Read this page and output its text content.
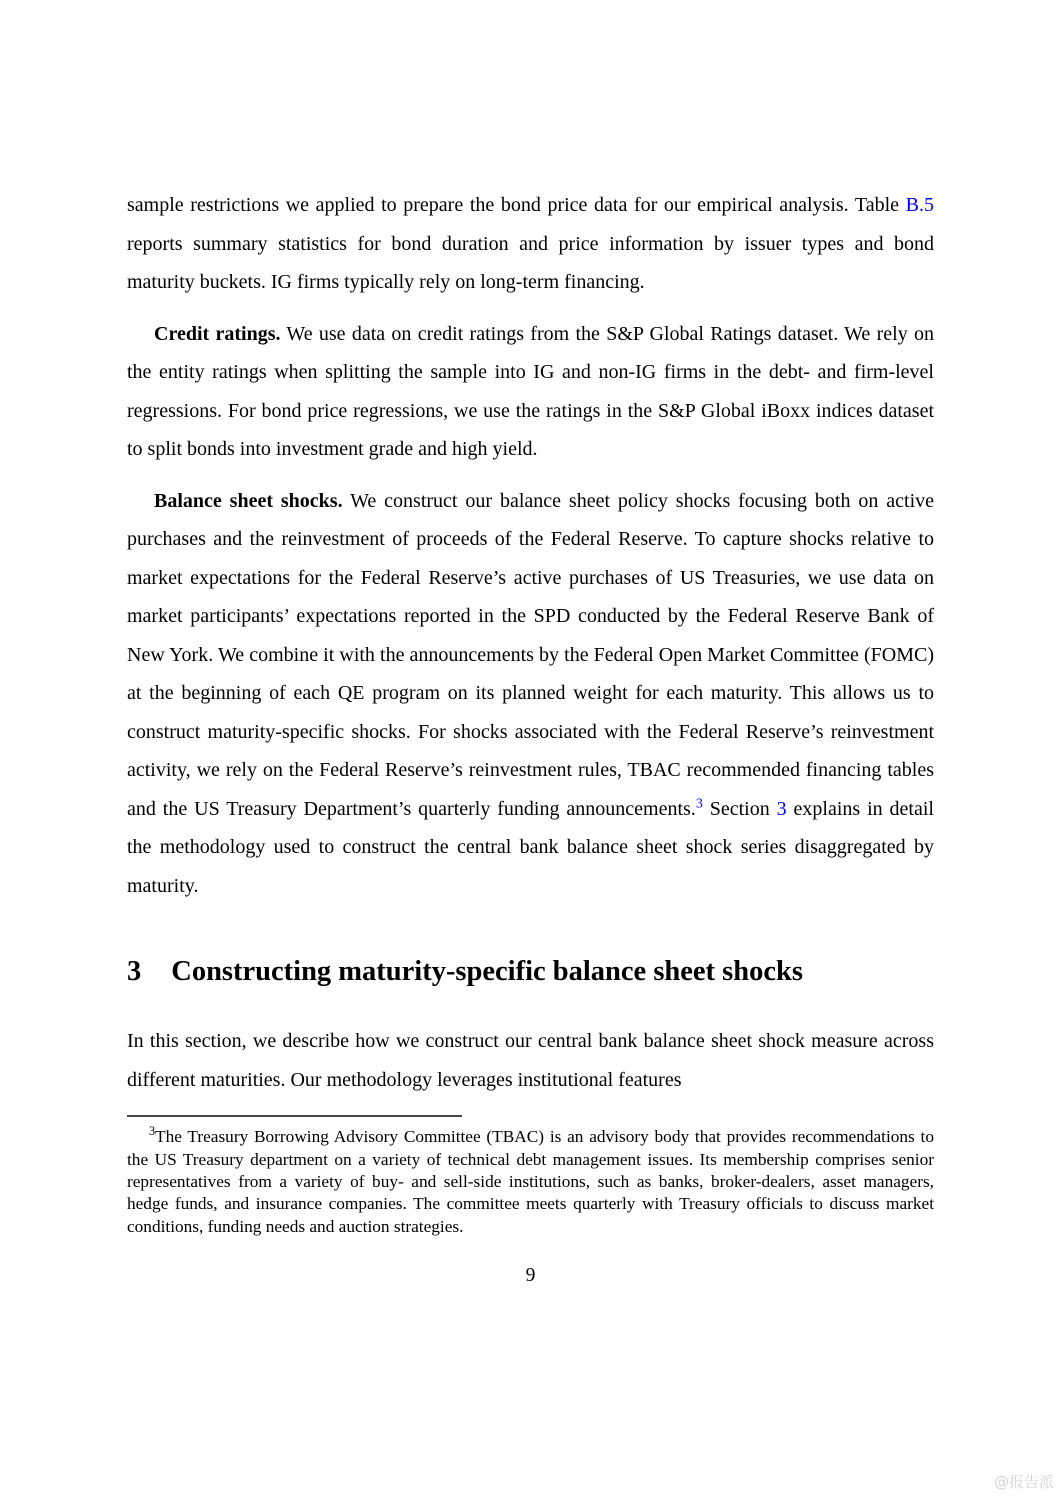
sample restrictions we applied to prepare the bond price data for our empirical analysis. Table B.5 reports summary statistics for bond duration and price information by issuer types and bond maturity buckets. IG firms typically rely on long-term financing.

Credit ratings. We use data on credit ratings from the S&P Global Ratings dataset. We rely on the entity ratings when splitting the sample into IG and non-IG firms in the debt- and firm-level regressions. For bond price regressions, we use the ratings in the S&P Global iBoxx indices dataset to split bonds into investment grade and high yield.

Balance sheet shocks. We construct our balance sheet policy shocks focusing both on active purchases and the reinvestment of proceeds of the Federal Reserve. To capture shocks relative to market expectations for the Federal Reserve’s active purchases of US Treasuries, we use data on market participants’ expectations reported in the SPD conducted by the Federal Reserve Bank of New York. We combine it with the announcements by the Federal Open Market Committee (FOMC) at the beginning of each QE program on its planned weight for each maturity. This allows us to construct maturity-specific shocks. For shocks associated with the Federal Reserve’s reinvestment activity, we rely on the Federal Reserve’s reinvestment rules, TBAC recommended financing tables and the US Treasury Department’s quarterly funding announcements.$^3$ Section 3 explains in detail the methodology used to construct the central bank balance sheet shock series disaggregated by maturity.

3 Constructing maturity-specific balance sheet shocks

In this section, we describe how we construct our central bank balance sheet shock measure across different maturities. Our methodology leverages institutional features

$^3$The Treasury Borrowing Advisory Committee (TBAC) is an advisory body that provides recommendations to the US Treasury department on a variety of technical debt management issues. Its membership comprises senior representatives from a variety of buy- and sell-side institutions, such as banks, broker-dealers, asset managers, hedge funds, and insurance companies. The committee meets quarterly with Treasury officials to discuss market conditions, funding needs and auction strategies.

9
@报告派
